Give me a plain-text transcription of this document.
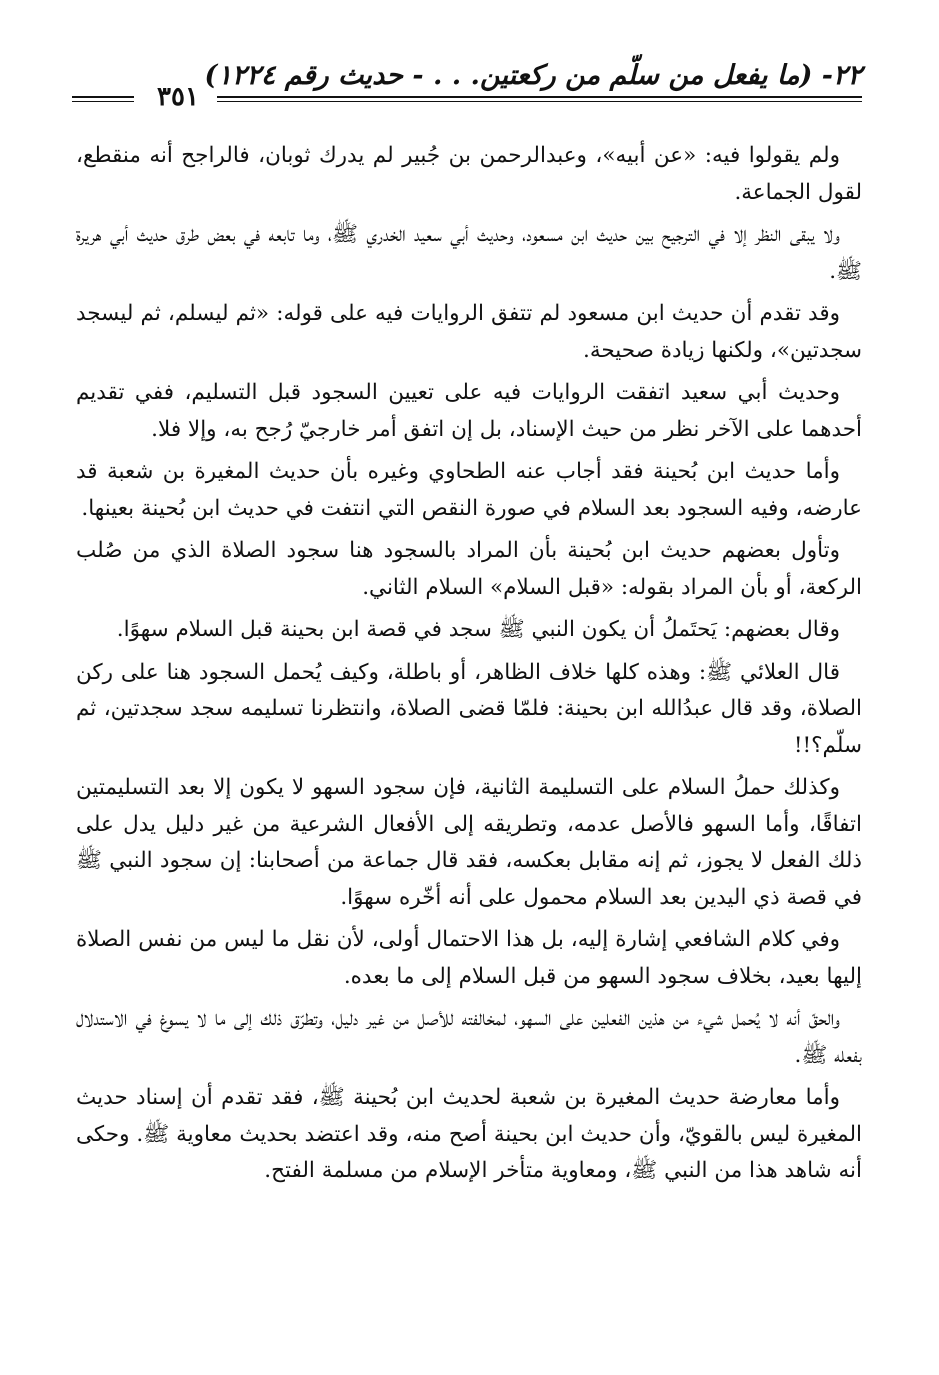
٢٢- (ما يفعل من سلّم من ركعتين. . . - حديث رقم ١٢٢٤)
٣٥١

ولم يقولوا فيه: «عن أبيه»، وعبدالرحمن بن جُبير لم يدرك ثوبان، فالراجح أنه منقطع، لقول الجماعة.

ولا يبقى النظر إلا في الترجيح بين حديث ابن مسعود، وحديث أبي سعيد الخدري ﷺ، وما تابعه في بعض طرق حديث أبي هريرة ﷺ.

وقد تقدم أن حديث ابن مسعود لم تتفق الروايات فيه على قوله: «ثم ليسلم، ثم ليسجد سجدتين»، ولكنها زيادة صحيحة.

وحديث أبي سعيد اتفقت الروايات فيه على تعيين السجود قبل التسليم، ففي تقديم أحدهما على الآخر نظر من حيث الإسناد، بل إن اتفق أمر خارجيّ رُجح به، وإلا فلا.

وأما حديث ابن بُحينة فقد أجاب عنه الطحاوي وغيره بأن حديث المغيرة بن شعبة قد عارضه، وفيه السجود بعد السلام في صورة النقص التي انتفت في حديث ابن بُحينة بعينها.

وتأول بعضهم حديث ابن بُحينة بأن المراد بالسجود هنا سجود الصلاة الذي من صُلب الركعة، أو بأن المراد بقوله: «قبل السلام» السلام الثاني.

وقال بعضهم: يَحتَملُ أن يكون النبي ﷺ سجد في قصة ابن بحينة قبل السلام سهوًا.

قال العلائي ﷺ: وهذه كلها خلاف الظاهر، أو باطلة، وكيف يُحمل السجود هنا على ركن الصلاة، وقد قال عبدُالله ابن بحينة: فلمّا قضى الصلاة، وانتظرنا تسليمه سجد سجدتين، ثم سلّم؟!!

وكذلك حملُ السلام على التسليمة الثانية، فإن سجود السهو لا يكون إلا بعد التسليمتين اتفاقًا، وأما السهو فالأصل عدمه، وتطريقه إلى الأفعال الشرعية من غير دليل يدل على ذلك الفعل لا يجوز، ثم إنه مقابل بعكسه، فقد قال جماعة من أصحابنا: إن سجود النبي ﷺ في قصة ذي اليدين بعد السلام محمول على أنه أخّره سهوًا.

وفي كلام الشافعي إشارة إليه، بل هذا الاحتمال أولى، لأن نقل ما ليس من نفس الصلاة إليها بعيد، بخلاف سجود السهو من قبل السلام إلى ما بعده.

والحقّ أنه لا يُحمل شيء من هذين الفعلين على السهو، لمخالفته للأصل من غير دليل، وتطرّق ذلك إلى ما لا يسوغ في الاستدلال بفعله ﷺ.

وأما معارضة حديث المغيرة بن شعبة لحديث ابن بُحينة ﷺ، فقد تقدم أن إسناد حديث المغيرة ليس بالقويّ، وأن حديث ابن بحينة أصح منه، وقد اعتضد بحديث معاوية ﷺ. وحكى أنه شاهد هذا من النبي ﷺ، ومعاوية متأخر الإسلام من مسلمة الفتح.
